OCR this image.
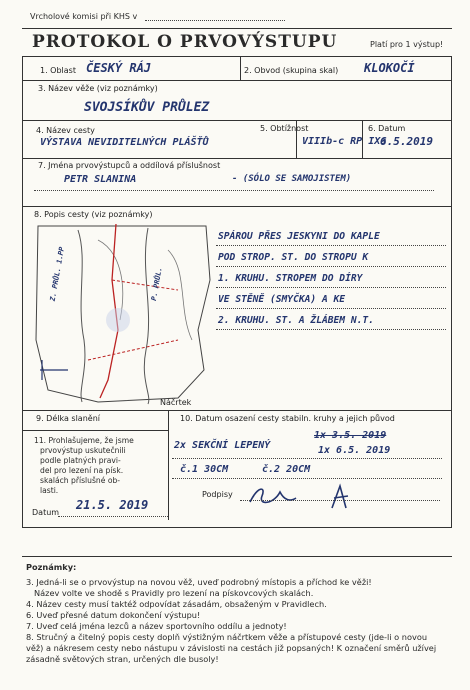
Vrcholové komisi při KHS v
PROTOKOL O PRVOVÝSTUPU	Platí pro 1 výstup!
1. Oblast ČESKÝ RÁJ	2. Obvod (skupina skal) KLOKOČÍ
3. Název věže (viz poznámky)
SVOJSÍKŮV PRŮLEZ
4. Název cesty
VÝSTAVA NEVIDITELNÝCH PLÁŠŤŮ
5. Obtížnost
VIIIb-c RP IXa
6. Datum
6.5.2019
7. Jména prvovýstupců a oddílová příslušnost
PETR SLANINA	- (SÓLO SE SAMOJISTEM)
8. Popis cesty (viz poznámky)
Z. PRŮL. 1.PP	P. PRŮL.
Náčrtek
SPÁROU PŘES JESKYNI DO KAPLE
POD STROP. ST. DO STROPU K
1. KRUHU. STROPEM DO DÍRY
VE STĚNĚ (SMYČKA) A KE
2. KRUHU. ST. A ŽLÁBEM N.T.
9. Délka slanění	10. Datum osazení cesty stabiln. kruhy a jejich původ
2x SEKČNÍ LEPENÝ
1x 3.5. 2019
1x 6.5. 2019
č.1 30CM	č.2 20CM
11. Prohlašujeme, že jsme
prvovýstup uskutečnili
podle platných pravi-
del pro lezení na písk.
skalách příslušné ob-
lasti.
Datum
21.5. 2019
Podpisy
Poznámky:
3. Jedná-li se o prvovýstup na novou věž, uveď podrobný místopis a příchod ke věži!
Název volte ve shodě s Pravidly pro lezení na pískovcových skalách.
4. Název cesty musí taktéž odpovídat zásadám, obsaženým v Pravidlech.
6. Uveď přesné datum dokončení výstupu!
7. Uveď celá jména lezců a název sportovního oddílu a jednoty!
8. Stručný a čitelný popis cesty doplň výstižným náčrtkem věže a přístupové cesty (jde-li o novou věž) a nákresem cesty nebo nástupu v závislosti na cestách již popsaných! K označení směrů užívej zásadně světových stran, určených dle busoly!
